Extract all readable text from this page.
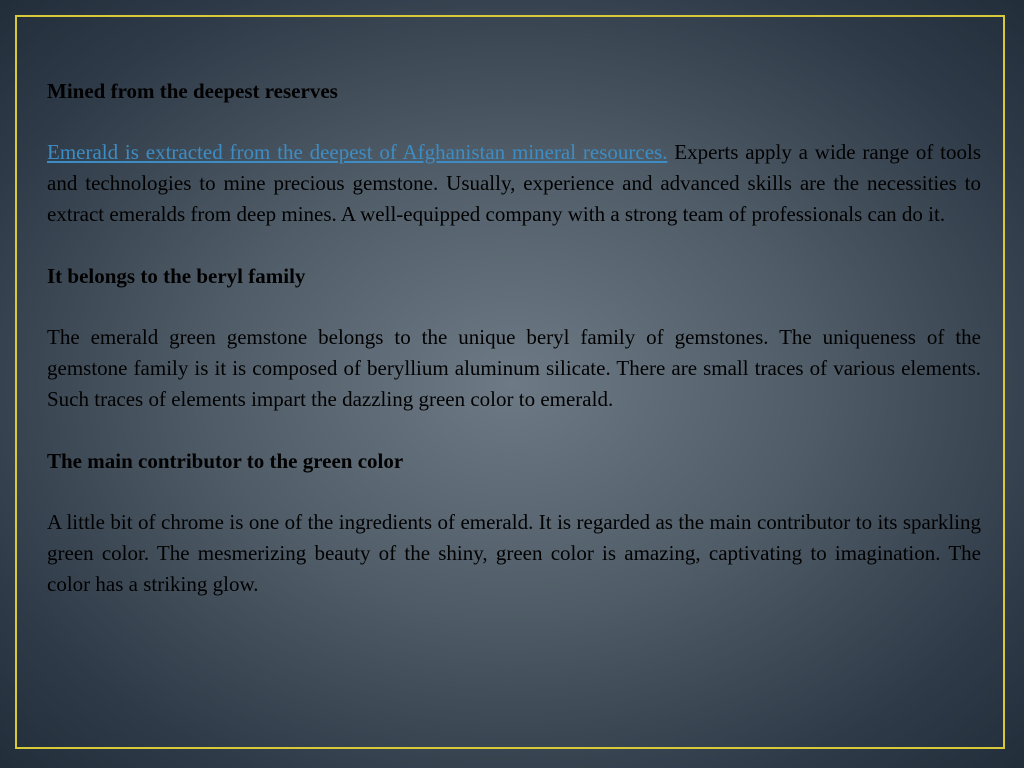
Mined from the deepest reserves

Emerald is extracted from the deepest of Afghanistan mineral resources. Experts apply a wide range of tools and technologies to mine precious gemstone. Usually, experience and advanced skills are the necessities to extract emeralds from deep mines. A well-equipped company with a strong team of professionals can do it.

It belongs to the beryl family

The emerald green gemstone belongs to the unique beryl family of gemstones. The uniqueness of the gemstone family is it is composed of beryllium aluminum silicate. There are small traces of various elements. Such traces of elements impart the dazzling green color to emerald.

The main contributor to the green color

A little bit of chrome is one of the ingredients of emerald. It is regarded as the main contributor to its sparkling green color. The mesmerizing beauty of the shiny, green color is amazing, captivating to imagination. The color has a striking glow.
